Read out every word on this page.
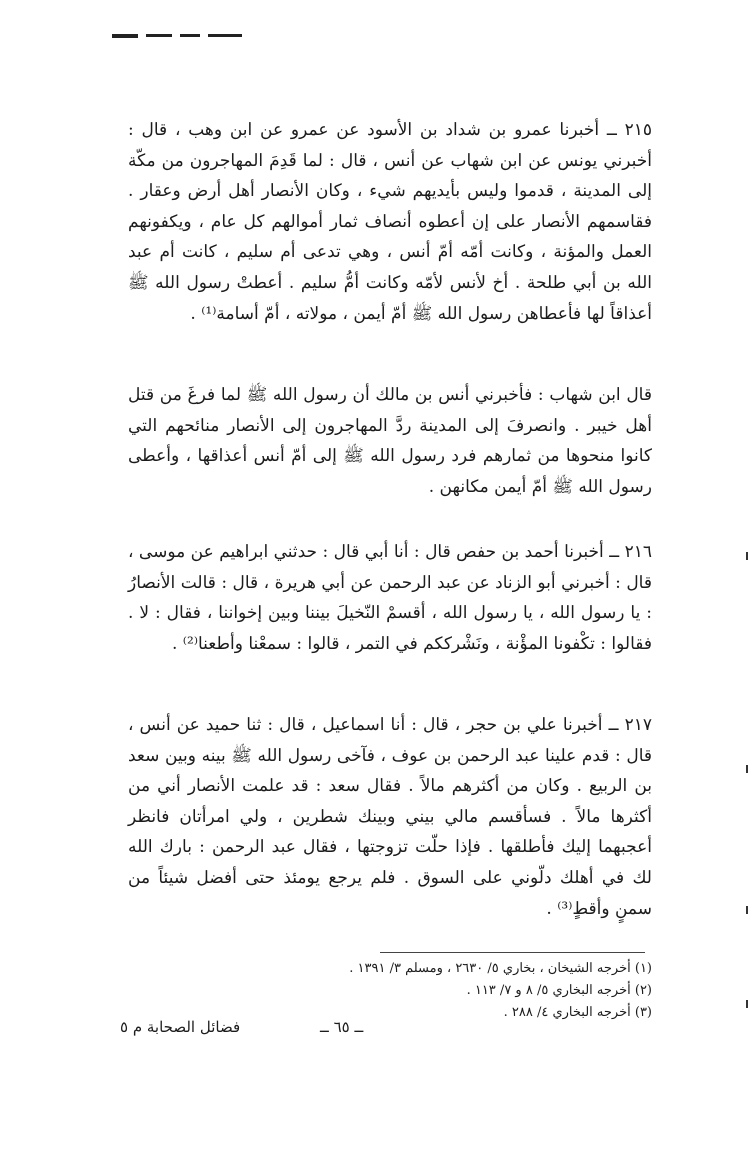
٢١٥ ــ أخبرنا عمرو بن شداد بن الأسود عن عمرو عن ابن وهب ، قال : أخبرني يونس عن ابن شهاب عن أنس ، قال : لما قَدِمَ المهاجرون من مكّة إلى المدينة ، قدموا وليس بأيديهم شيء ، وكان الأنصار أهل أرض وعقار . فقاسمهم الأنصار على إن أعطوه أنصاف ثمار أموالهم كل عام ، ويكفونهم العمل والمؤنة ، وكانت أمّه أمّ أنس ، وهي تدعى أم سليم ، كانت أم عبد الله بن أبي طلحة . أخ لأنس لأمّه وكانت أمُّ سليم . أعطتْ رسول الله ﷺ أعذاقاً لها فأعطاهن رسول الله ﷺ أمّ أيمن ، مولاته ، أمّ أسامة⁽¹⁾ .

قال ابن شهاب : فأخبرني أنس بن مالك أن رسول الله ﷺ لما فرغَ من قتل أهل خيبر . وانصرفَ إلى المدينة ردَّ المهاجرون إلى الأنصار منائحهم التي كانوا منحوها من ثمارهم فرد رسول الله ﷺ إلى أمّ أنس أعذاقها ، وأعطى رسول الله ﷺ أمّ أيمن مكانهن .

٢١٦ ــ أخبرنا أحمد بن حفص قال : أنا أبي قال : حدثني ابراهيم عن موسى ، قال : أخبرني أبو الزناد عن عبد الرحمن عن أبي هريرة ، قال : قالت الأنصارُ : يا رسول الله ، يا رسول الله ، أقسمْ النّخيلَ بيننا وبين إخواننا ، فقال : لا . فقالوا : تكْفونا المؤْنة ، ونَشْرككم في التمر ، قالوا : سمعْنا وأطعنا⁽²⁾ .

٢١٧ ــ أخبرنا علي بن حجر ، قال : أنا اسماعيل ، قال : ثنا حميد عن أنس ، قال : قدم علينا عبد الرحمن بن عوف ، فآخى رسول الله ﷺ بينه وبين سعد بن الربيع . وكان من أكثرهم مالاً . فقال سعد : قد علمت الأنصار أني من أكثرها مالاً . فسأقسم مالي بيني وبينك شطرين ، ولي امرأتان فانظر أعجبهما إليك فأطلقها . فإذا حلّت تزوجتها ، فقال عبد الرحمن : بارك الله لك في أهلك دلّوني على السوق . فلم يرجع يومئذ حتى أفضل شيئاً من سمنٍ وأقطٍ⁽³⁾ .

(١) أخرجه الشيخان ، بخاري ٥/ ٢٦٣٠ ، ومسلم ٣/ ١٣٩١ .

(٢) أخرجه البخاري ٥/ ٨ و ٧/ ١١٣ .

(٣) أخرجه البخاري ٤/ ٢٨٨ .

فضائل الصحابة م ٥	ــ ٦٥ ــ
